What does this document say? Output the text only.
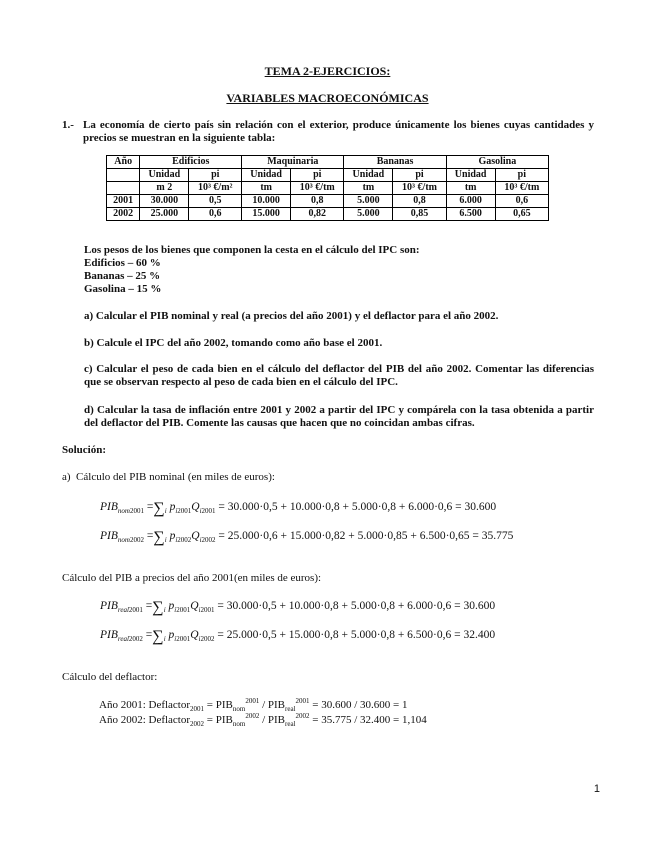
TEMA 2-EJERCICIOS:
VARIABLES MACROECONÓMICAS
1.- La economía de cierto país sin relación con el exterior, produce únicamente los bienes cuyas cantidades y precios se muestran en la siguiente tabla:
Año	Edificios		Maquinaria		Bananas		Gasolina	
	Unidad	pi	Unidad	pi	Unidad	pi	Unidad	pi
	m 2	10³ €/m²	tm	10³ €/tm	tm	10³ €/tm	tm	10³ €/tm
2001	30.000	0,5	10.000	0,8	5.000	0,8	6.000	0,6
2002	25.000	0,6	15.000	0,82	5.000	0,85	6.500	0,65
Los pesos de los bienes que componen la cesta en el cálculo del IPC son:
Edificios – 60 %
Bananas – 25 %
Gasolina – 15 %
a) Calcular el PIB nominal y real (a precios del año 2001) y el deflactor para el año 2002.
b) Calcule el IPC del año 2002, tomando como año base el 2001.
c) Calcular el peso de cada bien en el cálculo del deflactor del PIB del año 2002. Comentar las diferencias que se observan respecto al peso de cada bien en el cálculo del IPC.
d) Calcular la tasa de inflación entre 2001 y 2002 a partir del IPC y compárela con la tasa obtenida a partir del deflactor del PIB. Comente las causas que hacen que no coincidan ambas cifras.
Solución:
a) Cálculo del PIB nominal (en miles de euros):
$PIB_{nom2001} =\sum_i$ $p_{i2001}Q_{i2001} = 30.000\cdot 0,5 + 10.000\cdot 0,8 + 5.000\cdot 0,8 + 6.000\cdot 0,6 = 30.600$
$PIB_{nom2002} =\sum_i$ $p_{i2002}Q_{i2002} = 25.000\cdot 0,6 + 15.000\cdot 0,82 + 5.000\cdot 0,85 + 6.500\cdot 0,65 = 35.775$
Cálculo del PIB a precios del año 2001(en miles de euros):
$PIB_{real2001} =\sum_i$ $p_{i2001}Q_{i2001} = 30.000\cdot 0,5 + 10.000\cdot 0,8 + 5.000\cdot 0,8 + 6.000\cdot 0,6 = 30.600$
$PIB_{real2002} =\sum_i$ $p_{i2001}Q_{i2002} = 25.000\cdot 0,5 + 15.000\cdot 0,8 + 5.000\cdot 0,8 + 6.500\cdot 0,6 = 32.400$
Cálculo del deflactor:
Año 2001: Deflactor$_{2001}$ = $PIB_{nom}^{2001} / PIB_{real}^{2001} = 30.600 / 30.600 = 1$
Año 2002: Deflactor$_{2002}$ = $PIB_{nom}^{2002} / PIB_{real}^{2002} = 35.775 / 32.400 = 1,104$
1
